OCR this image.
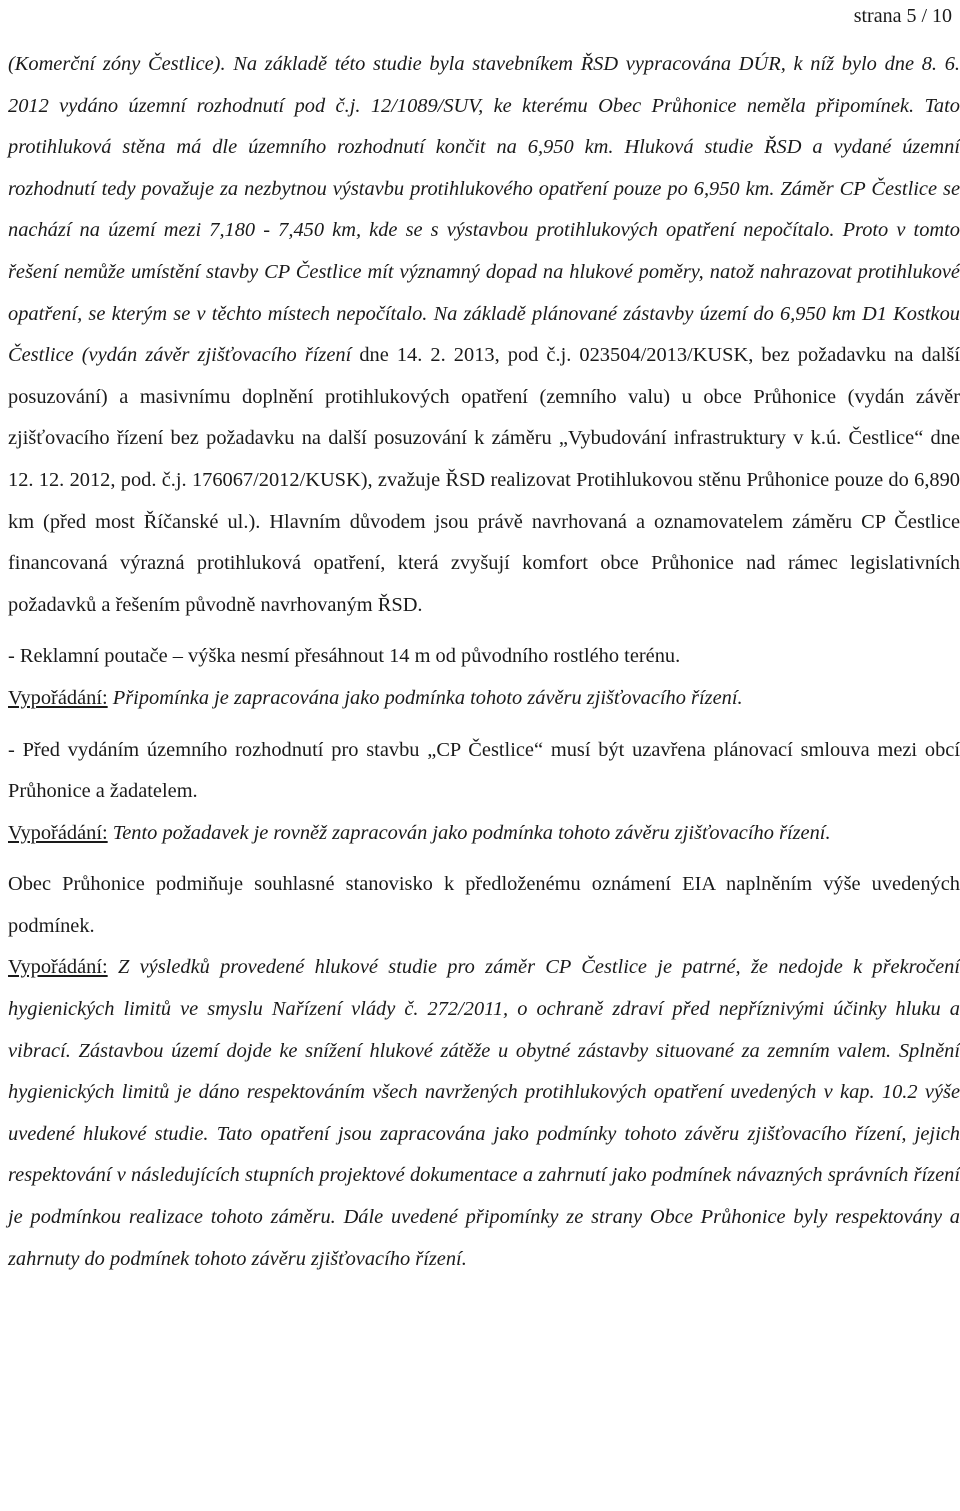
strana 5 / 10

(Komerční zóny Čestlice). Na základě této studie byla stavebníkem ŘSD vypracována DÚR, k níž bylo dne 8. 6. 2012 vydáno územní rozhodnutí pod č.j. 12/1089/SUV, ke kterému Obec Průhonice neměla připomínek. Tato protihluková stěna má dle územního rozhodnutí končit na 6,950 km. Hluková studie ŘSD a vydané územní rozhodnutí tedy považuje za nezbytnou výstavbu protihlukového opatření pouze po 6,950 km. Záměr CP Čestlice se nachází na území mezi 7,180 - 7,450 km, kde se s výstavbou protihlukových opatření nepočítalo. Proto v tomto řešení nemůže umístění stavby CP Čestlice mít významný dopad na hlukové poměry, natož nahrazovat protihlukové opatření, se kterým se v těchto místech nepočítalo. Na základě plánované zástavby území do 6,950 km D1 Kostkou Čestlice (vydán závěr zjišťovacího řízení dne 14. 2. 2013, pod č.j. 023504/2013/KUSK, bez požadavku na další posuzování) a masivnímu doplnění protihlukových opatření (zemního valu) u obce Průhonice (vydán závěr zjišťovacího řízení bez požadavku na další posuzování k záměru „Vybudování infrastruktury v k.ú. Čestlice“ dne 12. 12. 2012, pod. č.j. 176067/2012/KUSK), zvažuje ŘSD realizovat Protihlukovou stěnu Průhonice pouze do 6,890 km (před most Říčanské ul.). Hlavním důvodem jsou právě navrhovaná a oznamovatelem záměru CP Čestlice financovaná výrazná protihluková opatření, která zvyšují komfort obce Průhonice nad rámec legislativních požadavků a řešením původně navrhovaným ŘSD.

- Reklamní poutače – výška nesmí přesáhnout 14 m od původního rostlého terénu.

Vypořádání: Připomínka je zapracována jako podmínka tohoto závěru zjišťovacího řízení.

- Před vydáním územního rozhodnutí pro stavbu „CP Čestlice“ musí být uzavřena plánovací smlouva mezi obcí Průhonice a žadatelem.

Vypořádání: Tento požadavek je rovněž zapracován jako podmínka tohoto závěru zjišťovacího řízení.

Obec Průhonice podmiňuje souhlasné stanovisko k předloženému oznámení EIA naplněním výše uvedených podmínek.

Vypořádání: Z výsledků provedené hlukové studie pro záměr CP Čestlice je patrné, že nedojde k překročení hygienických limitů ve smyslu Nařízení vlády č. 272/2011, o ochraně zdraví před nepříznivými účinky hluku a vibrací. Zástavbou území dojde ke snížení hlukové zátěže u obytné zástavby situované za zemním valem. Splnění hygienických limitů je dáno respektováním všech navržených protihlukových opatření uvedených v kap. 10.2 výše uvedené hlukové studie. Tato opatření jsou zapracována jako podmínky tohoto závěru zjišťovacího řízení, jejich respektování v následujících stupních projektové dokumentace a zahrnutí jako podmínek návazných správních řízení je podmínkou realizace tohoto záměru. Dále uvedené připomínky ze strany Obce Průhonice byly respektovány a zahrnuty do podmínek tohoto závěru zjišťovacího řízení.
